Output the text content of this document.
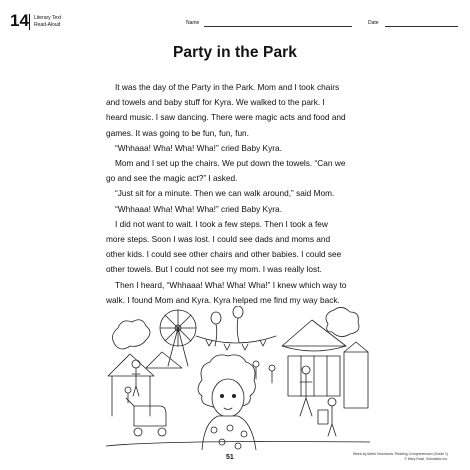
14 Literary Text
Read-Aloud	Name	Date
Party in the Park

It was the day of the Party in the Park. Mom and I took chairs

and towels and baby stuff for Kyra. We walked to the park. I

heard music. I saw dancing. There were magic acts and food and

games. It was going to be fun, fun, fun.

“Whhaaa! Wha! Wha! Wha!” cried Baby Kyra.

Mom and I set up the chairs. We put down the towels. “Can we

go and see the magic act?” I asked.

“Just sit for a minute. Then we can walk around,” said Mom.

“Whhaaa! Wha! Wha! Wha!” cried Baby Kyra.

I did not want to wait. I took a few steps. Then I took a few

more steps. Soon I was lost. I could see dads and moms and

other kids. I could see other chairs and other babies. I could see

other towels. But I could not see my mom. I was really lost.

Then I heard, “Whhaaa! Wha! Wha! Wha!” I knew which way to

walk. I found Mom and Kyra. Kyra helped me find my way back.

51	Week-by-Week Homework: Reading Comprehension (Grade 1)
© Mary Rose, Scholastic Inc.
